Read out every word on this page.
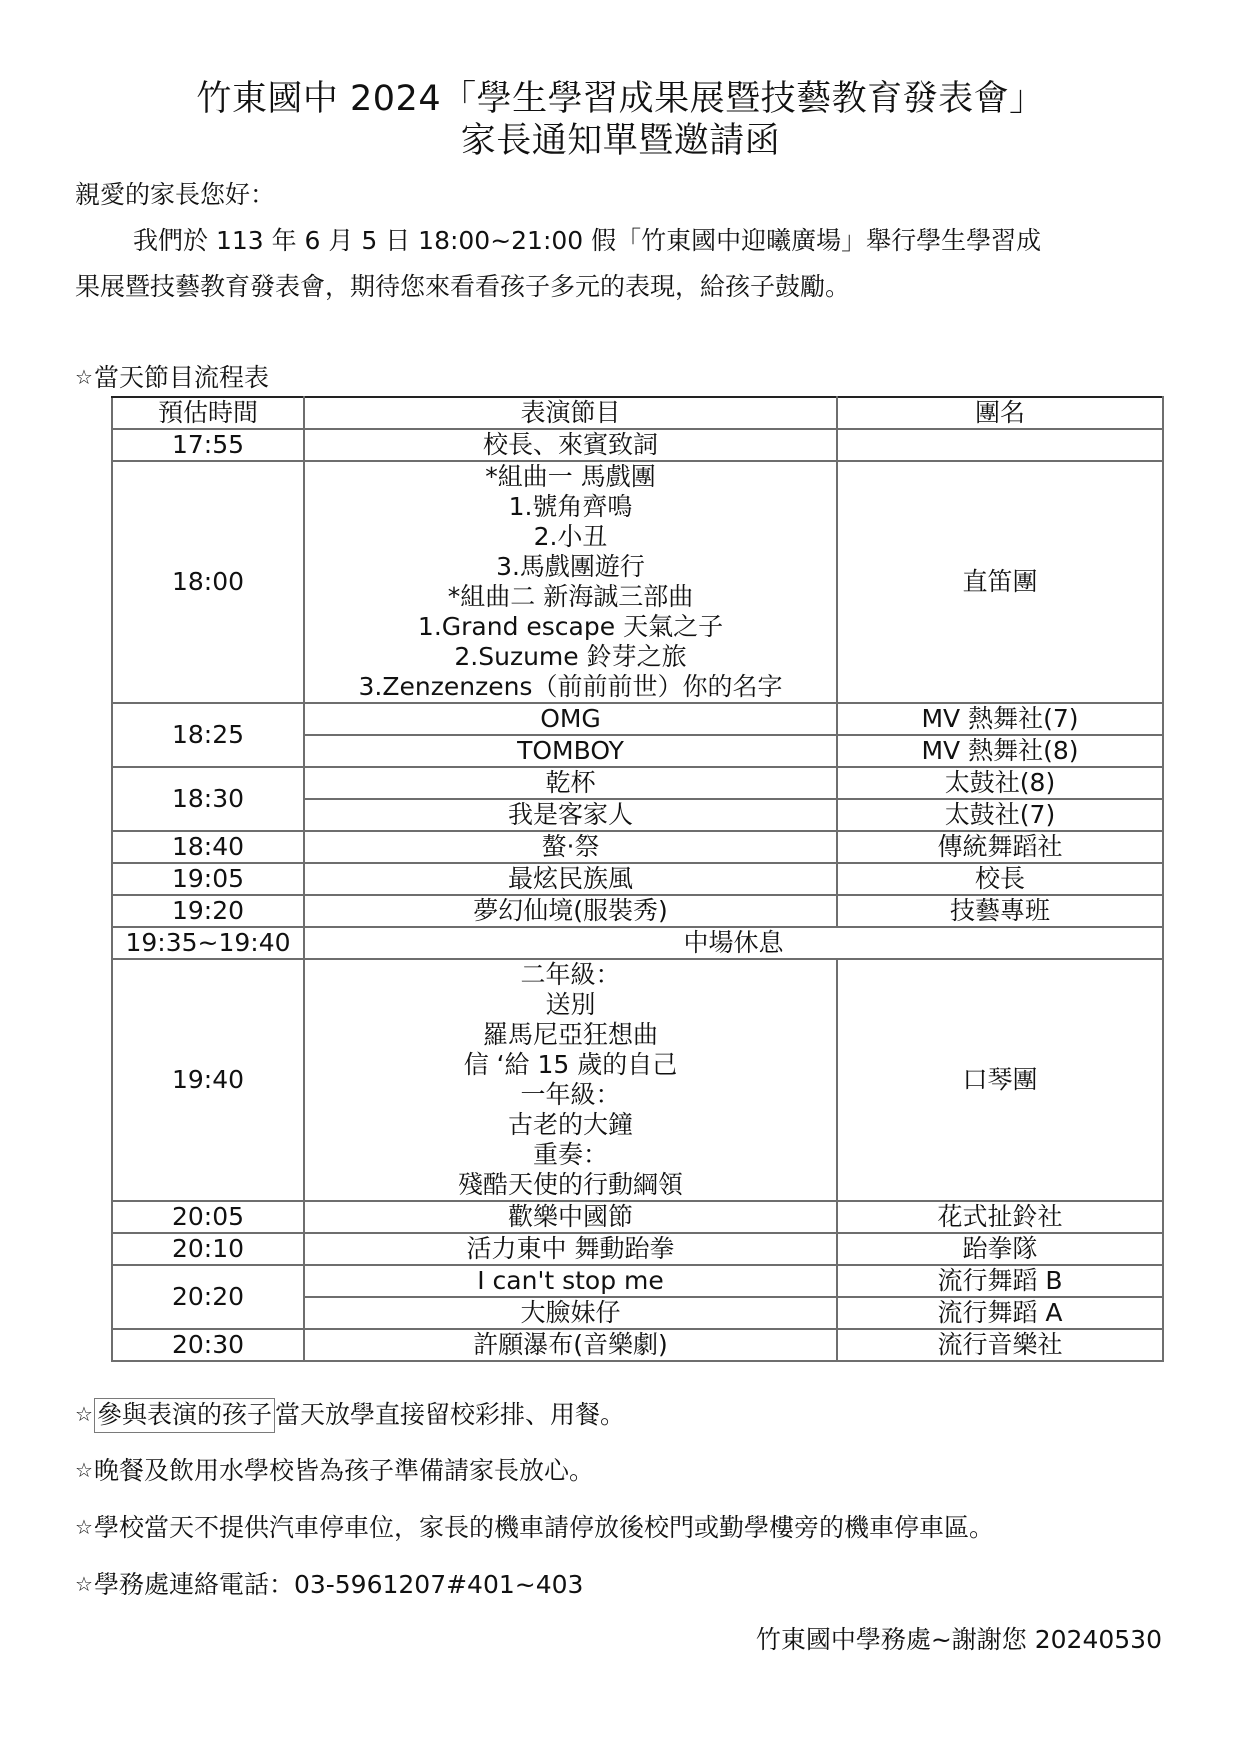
竹東國中 2024「學生學習成果展暨技藝教育發表會」
家長通知單暨邀請函
親愛的家長您好：
我們於 113 年 6 月 5 日 18:00~21:00 假「竹東國中迎曦廣場」舉行學生學習成
果展暨技藝教育發表會，期待您來看看孩子多元的表現，給孩子鼓勵。
☆當天節目流程表
預估時間	表演節目	團名
17:55	校長、來賓致詞	
18:00	
*組曲一 馬戲團
1.號角齊鳴
2.小丑
3.馬戲團遊行
*組曲二 新海誠三部曲
1.Grand escape 天氣之子
2.Suzume 鈴芽之旅
3.Zenzenzens（前前前世）你的名字
	直笛團
18:25	OMG	MV 熱舞社(7)
	TOMBOY	MV 熱舞社(8)
18:30	乾杯	太鼓社(8)
	我是客家人	太鼓社(7)
18:40	螯‧祭	傳統舞蹈社
19:05	最炫民族風	校長
19:20	夢幻仙境(服裝秀)	技藝專班
19:35~19:40	中場休息	
19:40	
二年級：
送別
羅馬尼亞狂想曲
信 ‘給 15 歲的自己
一年級：
古老的大鐘
重奏：
殘酷天使的行動綱領
	口琴團
20:05	歡樂中國節	花式扯鈴社
20:10	活力東中 舞動跆拳	跆拳隊
20:20	I can't stop me	流行舞蹈 B
	大臉妹仔	流行舞蹈 A
20:30	許願瀑布(音樂劇)	流行音樂社
☆ 參與表演的孩子 當天放學直接留校彩排、用餐。
☆晚餐及飲用水學校皆為孩子準備請家長放心。
☆學校當天不提供汽車停車位，家長的機車請停放後校門或勤學樓旁的機車停車區。
☆學務處連絡電話：03-5961207#401~403
竹東國中學務處~謝謝您 20240530
